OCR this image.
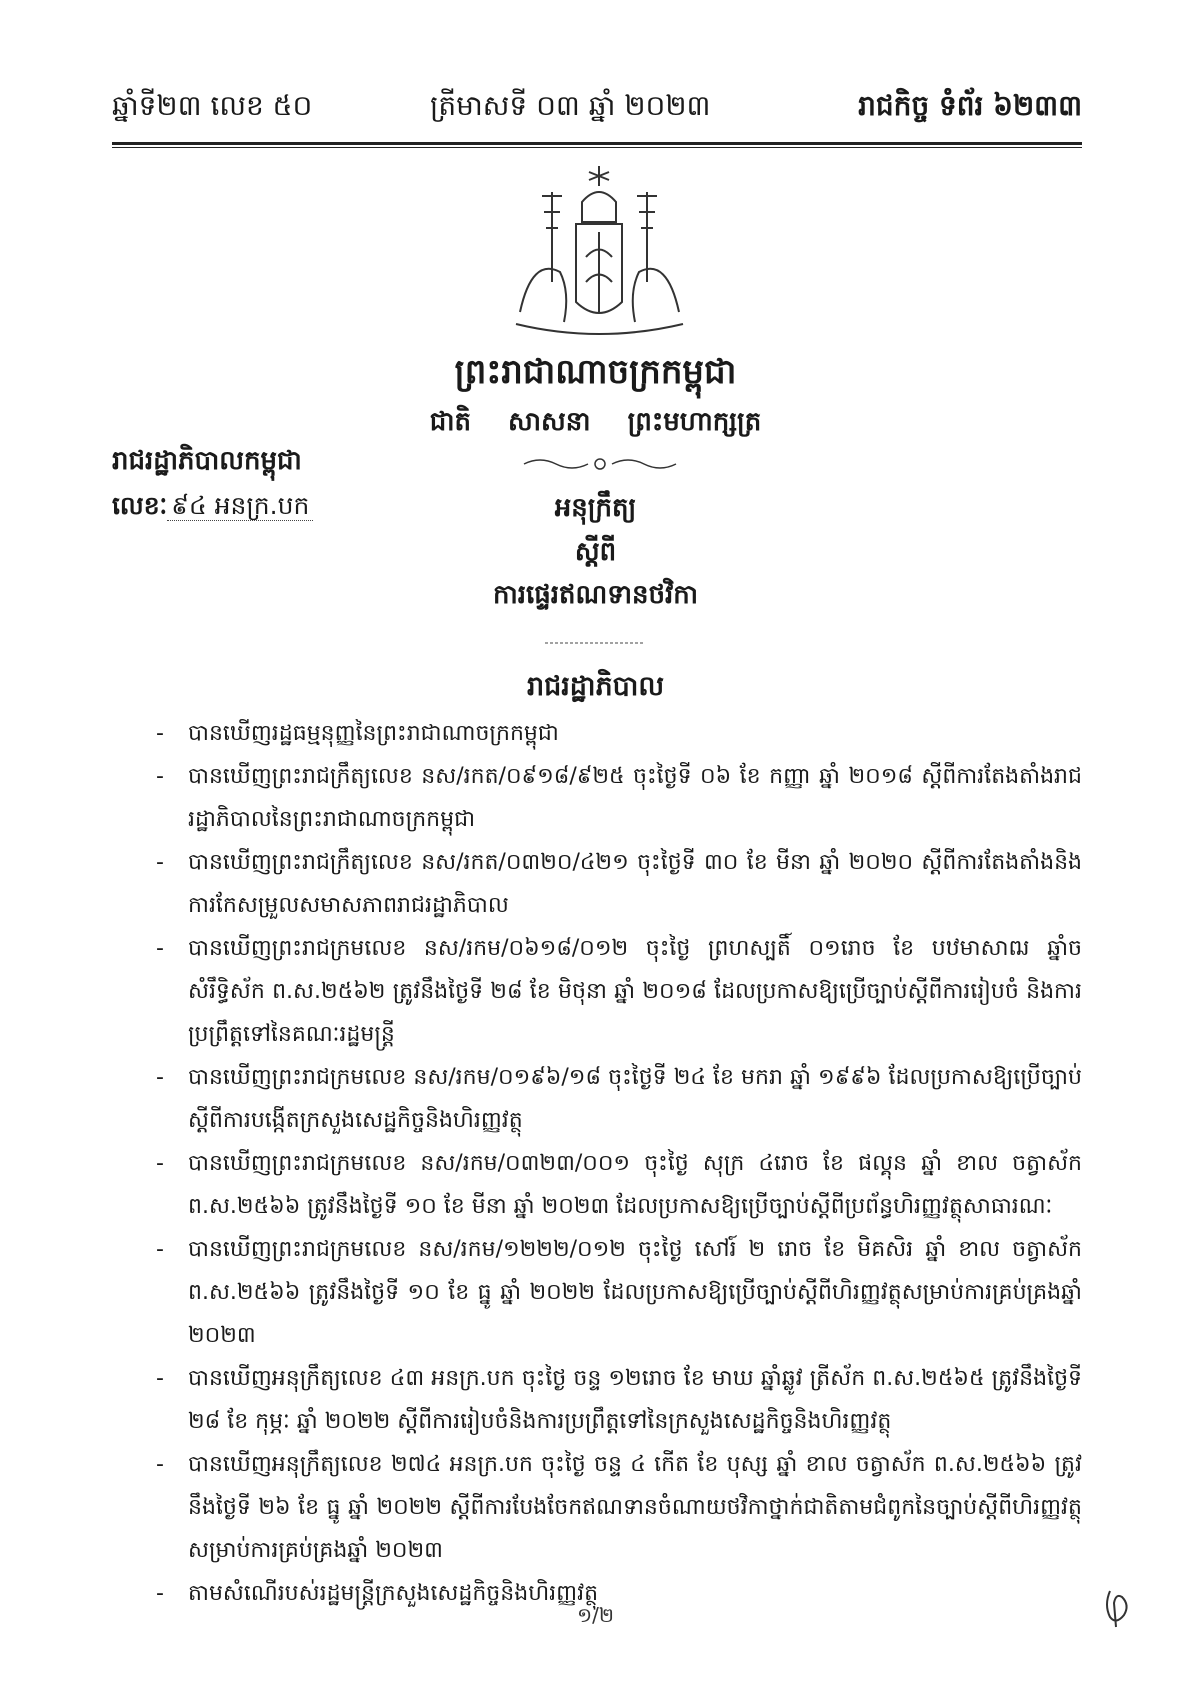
ឆ្នាំទី២៣ លេខ ៥០	ត្រីមាសទី ០៣ ឆ្នាំ ២០២៣	រាជកិច្ច ទំព័រ ៦២៣៣
ព្រះរាជាណាចក្រកម្ពុជា
ជាតិ សាសនា ព្រះមហាក្សត្រ
រាជរដ្ឋាភិបាលកម្ពុជា
លេខៈ ៩៤ អនក្រ.បក	អនុក្រឹត្យ
ស្តីពី
ការផ្ទេរឥណទានថវិកា
រាជរដ្ឋាភិបាល
- បានឃើញរដ្ឋធម្មនុញ្ញនៃព្រះរាជាណាចក្រកម្ពុជា
- បានឃើញព្រះរាជក្រឹត្យលេខ នស/រកត/០៩១៨/៩២៥ ចុះថ្ងៃទី ០៦ ខែ កញ្ញា ឆ្នាំ ២០១៨ ស្តីពីការតែងតាំងរាជរដ្ឋាភិបាលនៃព្រះរាជាណាចក្រកម្ពុជា
- បានឃើញព្រះរាជក្រឹត្យលេខ នស/រកត/០៣២០/៤២១ ចុះថ្ងៃទី ៣០ ខែ មីនា ឆ្នាំ ២០២០ ស្តីពីការតែងតាំងនិងការកែសម្រួលសមាសភាពរាជរដ្ឋាភិបាល
- បានឃើញព្រះរាជក្រមលេខ នស/រកម/០៦១៨/០១២ ចុះថ្ងៃ ព្រហស្បតិ៍ ០១រោច ខែ បឋមាសាឍ ឆ្នាំច សំរឹទ្ធិស័ក ព.ស.២៥៦២ ត្រូវនឹងថ្ងៃទី ២៨ ខែ មិថុនា ឆ្នាំ ២០១៨ ដែលប្រកាសឱ្យប្រើច្បាប់ស្តីពីការរៀបចំ និងការប្រព្រឹត្តទៅនៃគណៈរដ្ឋមន្ត្រី
- បានឃើញព្រះរាជក្រមលេខ នស/រកម/០១៩៦/១៨ ចុះថ្ងៃទី ២៤ ខែ មករា ឆ្នាំ ១៩៩៦ ដែលប្រកាសឱ្យប្រើច្បាប់ស្តីពីការបង្កើតក្រសួងសេដ្ឋកិច្ចនិងហិរញ្ញវត្ថុ
- បានឃើញព្រះរាជក្រមលេខ នស/រកម/០៣២៣/០០១ ចុះថ្ងៃ សុក្រ ៤រោច ខែ ផល្គុន ឆ្នាំ ខាល ចត្វាស័ក ព.ស.២៥៦៦ ត្រូវនឹងថ្ងៃទី ១០ ខែ មីនា ឆ្នាំ ២០២៣ ដែលប្រកាសឱ្យប្រើច្បាប់ស្តីពីប្រព័ន្ធហិរញ្ញវត្ថុសាធារណៈ
- បានឃើញព្រះរាជក្រមលេខ នស/រកម/១២២២/០១២ ចុះថ្ងៃ សៅរ៍ ២ រោច ខែ មិគសិរ ឆ្នាំ ខាល ចត្វាស័ក ព.ស.២៥៦៦ ត្រូវនឹងថ្ងៃទី ១០ ខែ ធ្នូ ឆ្នាំ ២០២២ ដែលប្រកាសឱ្យប្រើច្បាប់ស្តីពីហិរញ្ញវត្ថុសម្រាប់ការគ្រប់គ្រងឆ្នាំ ២០២៣
- បានឃើញអនុក្រឹត្យលេខ ៤៣ អនក្រ.បក ចុះថ្ងៃ ចន្ទ ១២រោច ខែ មាឃ ឆ្នាំឆ្លូវ ត្រីស័ក ព.ស.២៥៦៥ ត្រូវនឹងថ្ងៃទី ២៨ ខែ កុម្ភៈ ឆ្នាំ ២០២២ ស្តីពីការរៀបចំនិងការប្រព្រឹត្តទៅនៃក្រសួងសេដ្ឋកិច្ចនិងហិរញ្ញវត្ថុ
- បានឃើញអនុក្រឹត្យលេខ ២៧៤ អនក្រ.បក ចុះថ្ងៃ ចន្ទ ៤ កើត ខែ បុស្ស ឆ្នាំ ខាល ចត្វាស័ក ព.ស.២៥៦៦ ត្រូវនឹងថ្ងៃទី ២៦ ខែ ធ្នូ ឆ្នាំ ២០២២ ស្តីពីការបែងចែកឥណទានចំណាយថវិកាថ្នាក់ជាតិតាមជំពូកនៃច្បាប់ស្តីពីហិរញ្ញវត្ថុសម្រាប់ការគ្រប់គ្រងឆ្នាំ ២០២៣
- តាមសំណើរបស់រដ្ឋមន្ត្រីក្រសួងសេដ្ឋកិច្ចនិងហិរញ្ញវត្ថុ
១/២
